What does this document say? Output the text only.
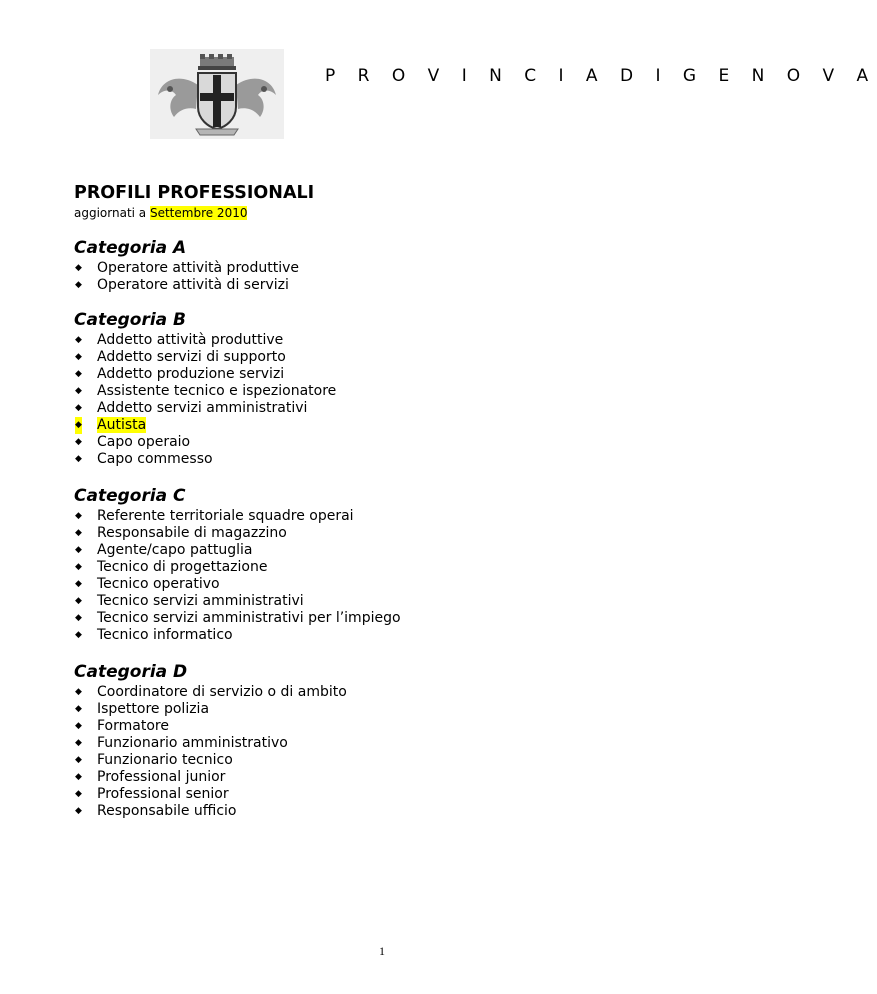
P R O V I N C I A D I G E N O V A
PROFILI PROFESSIONALI
aggiornati a Settembre 2010
Categoria A
◆ Operatore attività produttive
◆ Operatore attività di servizi
Categoria B
◆ Addetto attività produttive
◆ Addetto servizi di supporto
◆ Addetto produzione servizi
◆ Assistente tecnico e ispezionatore
◆ Addetto servizi amministrativi
◆ Autista
◆ Capo operaio
◆ Capo commesso
Categoria C
◆ Referente territoriale squadre operai
◆ Responsabile di magazzino
◆ Agente/capo pattuglia
◆ Tecnico di progettazione
◆ Tecnico operativo
◆ Tecnico servizi amministrativi
◆ Tecnico servizi amministrativi per l’impiego
◆ Tecnico informatico
Categoria D
◆ Coordinatore di servizio o di ambito
◆ Ispettore polizia
◆ Formatore
◆ Funzionario amministrativo
◆ Funzionario tecnico
◆ Professional junior
◆ Professional senior
◆ Responsabile ufficio
1
